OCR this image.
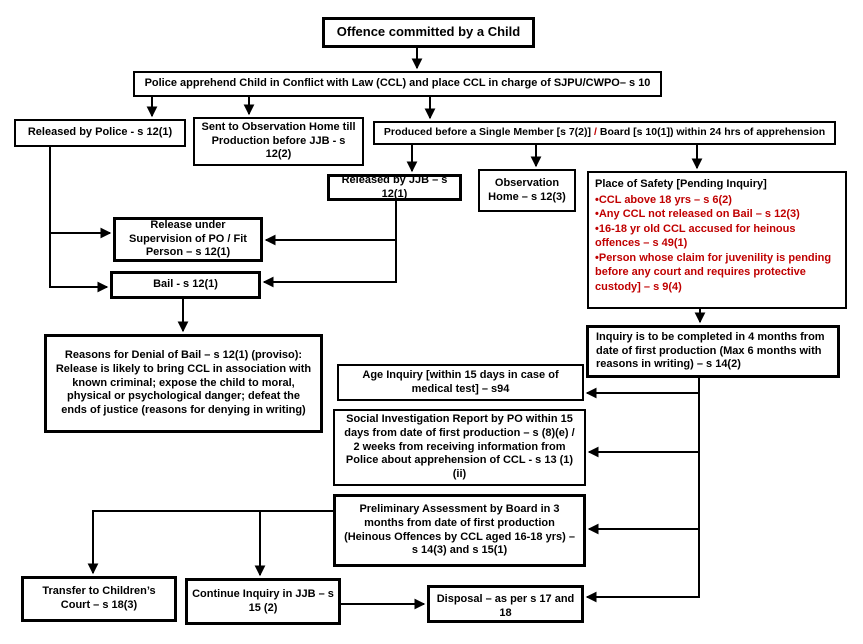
Offence committed by a Child
Police apprehend Child in Conflict with Law (CCL) and place CCL in charge of SJPU/CWPO– s 10
Released by Police - s 12(1)	Sent to Observation Home till Production before JJB - s 12(2)
Produced before a Single Member [s 7(2)] / Board [s 10(1]) within 24 hrs of apprehension
Released by JJB – s 12(1)
Observation Home – s 12(3)
Place of Safety [Pending Inquiry]
•CCL above 18 yrs – s 6(2)
•Any CCL not released on Bail – s 12(3)
•16-18 yr old CCL accused for heinous offences – s 49(1)
•Person whose claim for juvenility is pending before any court and requires protective custody] – s 9(4)
Release under Supervision of PO / Fit Person – s 12(1)
Bail - s 12(1)
Reasons for Denial of Bail – s 12(1) (proviso): Release is likely to bring CCL in association with known criminal; expose the child to moral, physical or psychological danger; defeat the ends of justice (reasons for denying in writing)
Inquiry is to be completed in 4 months from date of first production (Max 6 months with reasons in writing) – s 14(2)
Age Inquiry [within 15 days in case of medical test] – s94
Social Investigation Report by PO within 15 days from date of first production – s (8)(e) / 2 weeks from receiving information from Police about apprehension of CCL - s 13 (1)(ii)
Preliminary Assessment by Board in 3 months from date of first production (Heinous Offences by CCL aged 16-18 yrs) – s 14(3) and s 15(1)
Transfer to Children’s Court – s 18(3)
Continue Inquiry in JJB – s 15 (2)
Disposal – as per s 17 and 18
